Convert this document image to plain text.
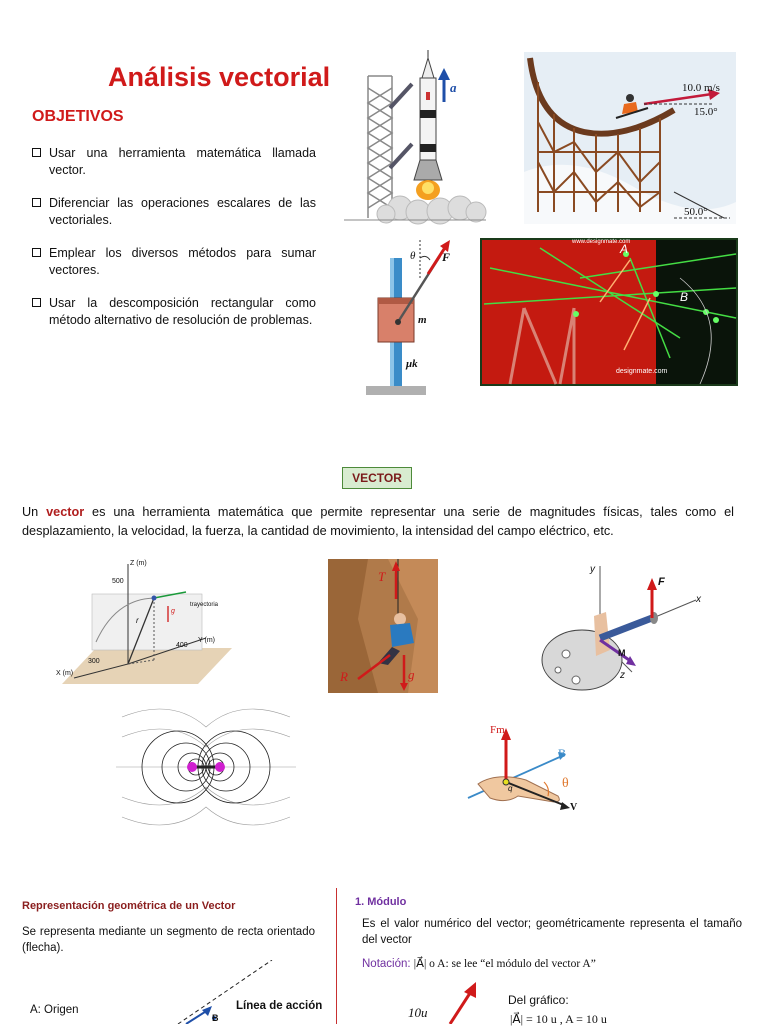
Análisis vectorial
OBJETIVOS
Usar una herramienta matemática llamada vector.
Diferenciar las operaciones escalares de las vectoriales.
Emplear los diversos métodos para sumar vectores.
Usar la descomposición rectangular como método alternativo de resolución de problemas.
a	10.0 m/s
15.0°
50.0°
θ F
m
μk
www.designmate.com
A
B
designmate.com
VECTOR
Un vector es una herramienta matemática que permite representar una serie de magnitudes físicas, tales como el desplazamiento, la velocidad, la fuerza, la cantidad de movimiento, la intensidad del campo eléctrico, etc.
Z (m)
Y (m)
X (m)
500
400
300
trayectoria
r
g
T
R	g
y
x
z
F
M
Fm
B
θ
V
q
Representación geométrica de un Vector
Se representa mediante un segmento de recta orientado (flecha).
A: Origen	Línea de acción
B
1. Módulo
Es el valor numérico del vector; geométricamente representa el tamaño del vector
Notación: |A⃗| o A: se lee “el módulo del vector A”
10u
Del gráfico:
|A⃗| = 10 u , A = 10 u
